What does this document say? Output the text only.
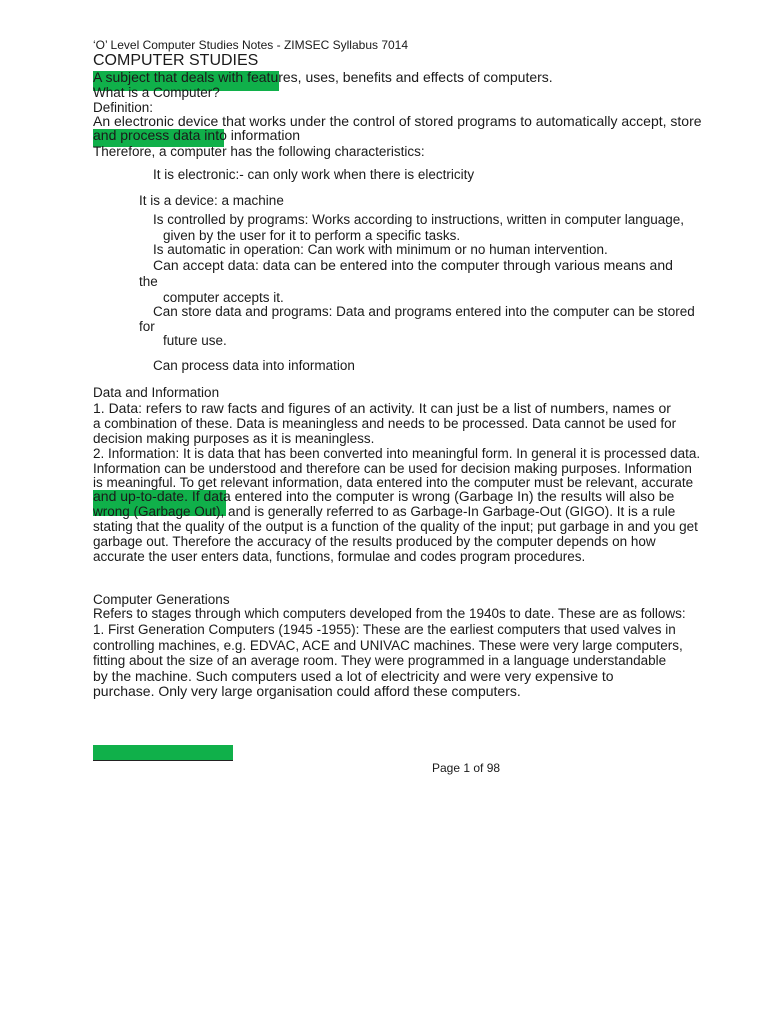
‘O’ Level Computer Studies Notes - ZIMSEC Syllabus 7014
COMPUTER STUDIES
A subject that deals with features, uses, benefits and effects of computers.
What is a Computer?
Definition:
An electronic device that works under the control of stored programs to automatically accept, store
and process data into information
Therefore, a computer has the following characteristics:
It is electronic:- can only work when there is electricity
It is a device: a machine
Is controlled by programs: Works according to instructions, written in computer language,
given by the user for it to perform a specific tasks.
Is automatic in operation: Can work with minimum or no human intervention.
Can accept data: data can be entered into the computer through various means and
the
computer accepts it.
Can store data and programs: Data and programs entered into the computer can be stored
for
future use.
Can process data into information
Data and Information
1. Data: refers to raw facts and figures of an activity. It can just be a list of numbers, names or
a combination of these. Data is meaningless and needs to be processed. Data cannot be used for
decision making purposes as it is meaningless.
2. Information: It is data that has been converted into meaningful form. In general it is processed data.
Information can be understood and therefore can be used for decision making purposes. Information
is meaningful. To get relevant information, data entered into the computer must be relevant, accurate
and up-to-date. If data entered into the computer is wrong (Garbage In) the results will also be
wrong (Garbage Out), and is generally referred to as Garbage-In Garbage-Out (GIGO). It is a rule
stating that the quality of the output is a function of the quality of the input; put garbage in and you get
garbage out. Therefore the accuracy of the results produced by the computer depends on how
accurate the user enters data, functions, formulae and codes program procedures.
Computer Generations
Refers to stages through which computers developed from the 1940s to date. These are as follows:
1. First Generation Computers (1945 -1955): These are the earliest computers that used valves in
controlling machines, e.g. EDVAC, ACE and UNIVAC machines. These were very large computers,
fitting about the size of an average room. They were programmed in a language understandable
by the machine. Such computers used a lot of electricity and were very expensive to
purchase. Only very large organisation could afford these computers.
Page 1 of 98
